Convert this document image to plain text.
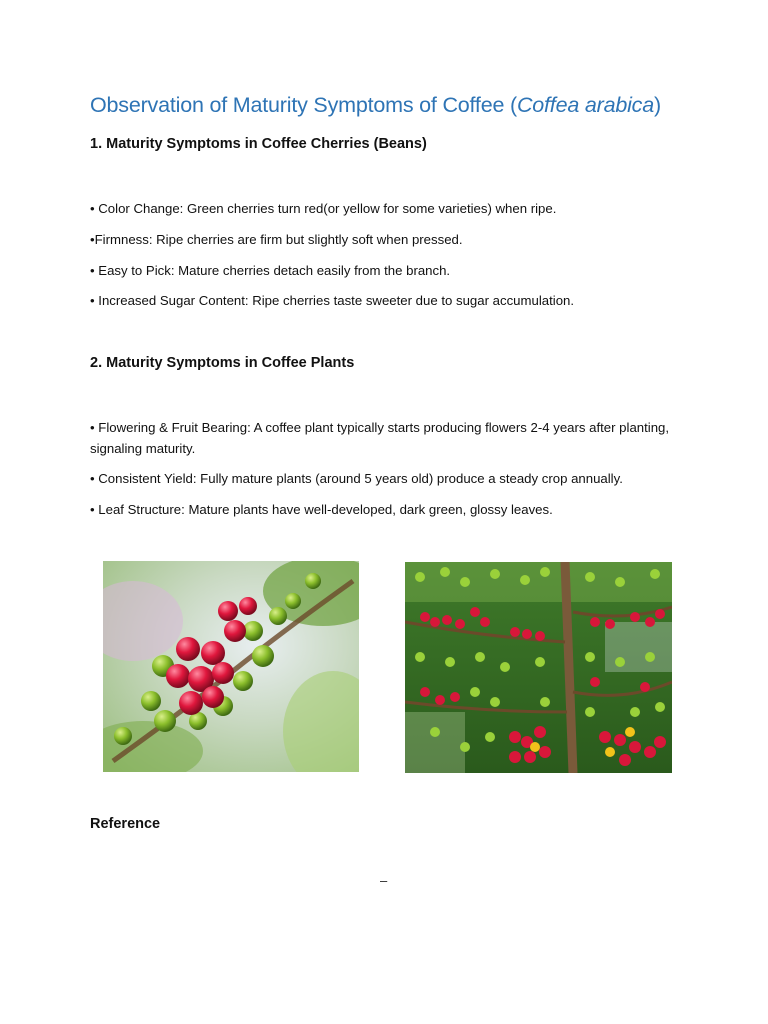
Observation of Maturity Symptoms of Coffee (Coffea arabica)
1. Maturity Symptoms in Coffee Cherries (Beans)

• Color Change: Green cherries turn red(or yellow for some varieties) when ripe.

•Firmness: Ripe cherries are firm but slightly soft when pressed.

• Easy to Pick: Mature cherries detach easily from the branch.

• Increased Sugar Content: Ripe cherries taste sweeter due to sugar accumulation.

2. Maturity Symptoms in Coffee Plants

• Flowering & Fruit Bearing: A coffee plant typically starts producing flowers 2-4 years after planting, signaling maturity.

• Consistent Yield: Fully mature plants (around 5 years old) produce a steady crop annually.

• Leaf Structure: Mature plants have well-developed, dark green, glossy leaves.

Reference
–
